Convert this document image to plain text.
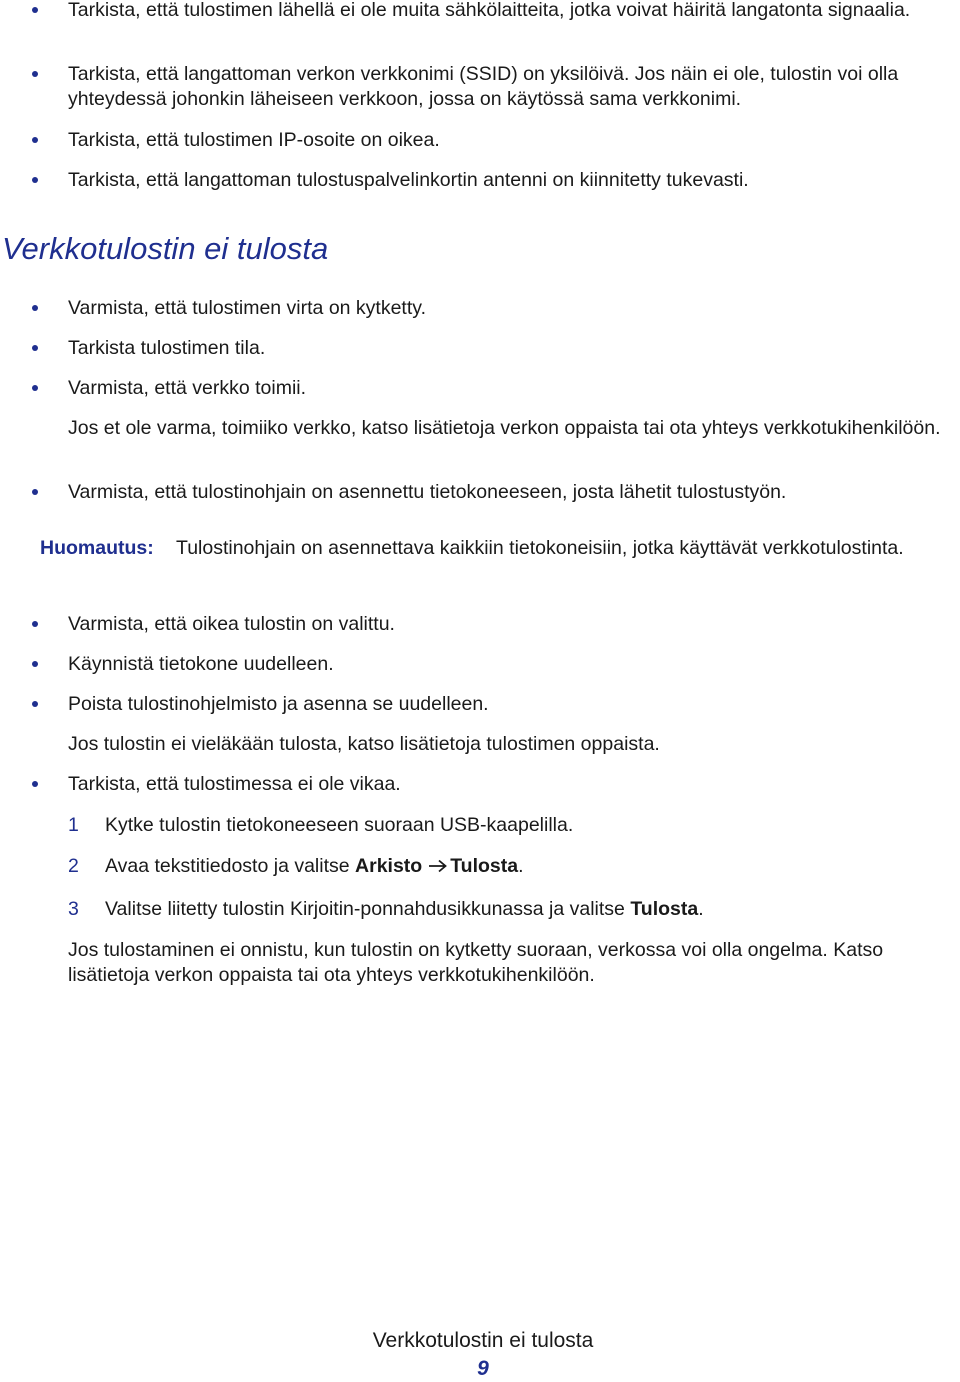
Tarkista, että tulostimen lähellä ei ole muita sähkölaitteita, jotka voivat häiritä langatonta signaalia.
Tarkista, että langattoman verkon verkkonimi (SSID) on yksilöivä. Jos näin ei ole, tulostin voi olla yhteydessä johonkin läheiseen verkkoon, jossa on käytössä sama verkkonimi.
Tarkista, että tulostimen IP-osoite on oikea.
Tarkista, että langattoman tulostuspalvelinkortin antenni on kiinnitetty tukevasti.
Verkkotulostin ei tulosta
Varmista, että tulostimen virta on kytketty.
Tarkista tulostimen tila.
Varmista, että verkko toimii.
Jos et ole varma, toimiiko verkko, katso lisätietoja verkon oppaista tai ota yhteys verkkotukihenkilöön.
Varmista, että tulostinohjain on asennettu tietokoneeseen, josta lähetit tulostustyön.
Huomautus: Tulostinohjain on asennettava kaikkiin tietokoneisiin, jotka käyttävät verkkotulostinta.
Varmista, että oikea tulostin on valittu.
Käynnistä tietokone uudelleen.
Poista tulostinohjelmisto ja asenna se uudelleen.
Jos tulostin ei vieläkään tulosta, katso lisätietoja tulostimen oppaista.
Tarkista, että tulostimessa ei ole vikaa.
1 Kytke tulostin tietokoneeseen suoraan USB-kaapelilla.
2 Avaa tekstitiedosto ja valitse Arkisto Tulosta.
3 Valitse liitetty tulostin Kirjoitin-ponnahdusikkunassa ja valitse Tulosta.
Jos tulostaminen ei onnistu, kun tulostin on kytketty suoraan, verkossa voi olla ongelma. Katso lisätietoja verkon oppaista tai ota yhteys verkkotukihenkilöön.
Verkkotulostin ei tulosta
9
